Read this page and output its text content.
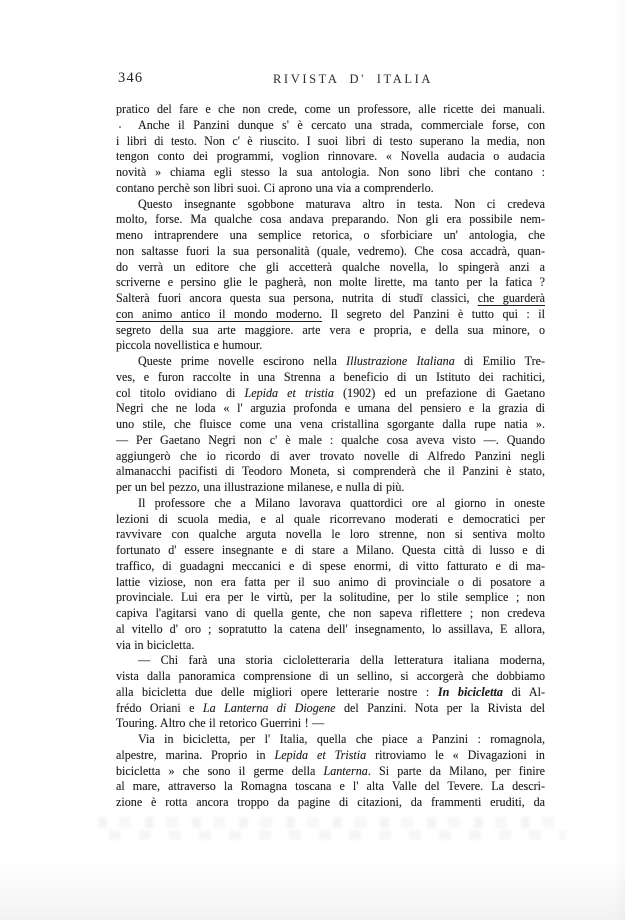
346	RIVISTA D' ITALIA
pratico del fare e che non crede, come un professore, alle ricette dei manuali.
Anche il Panzini dunque s' è cercato una strada, commerciale forse, con
i libri di testo. Non c' è riuscito. I suoi libri di testo superano la media, non
tengon conto dei programmi, voglion rinnovare. « Novella audacia o audacia
novità » chiama egli stesso la sua antologia. Non sono libri che contano :
contano perchè son libri suoi. Ci aprono una via a comprenderlo.
Questo insegnante sgobbone maturava altro in testa. Non ci credeva
molto, forse. Ma qualche cosa andava preparando. Non gli era possibile nem-
meno intraprendere una semplice retorica, o sforbiciare un' antologia, che
non saltasse fuori la sua personalità (quale, vedremo). Che cosa accadrà, quan-
do verrà un editore che gli accetterà qualche novella, lo spingerà anzi a
scriverne e persino glie le pagherà, non molte lirette, ma tanto per la fatica ?
Salterà fuori ancora questa sua persona, nutrita di studī classici, che guarderà
con animo antico il mondo moderno. Il segreto del Panzini è tutto qui : il
segreto della sua arte maggiore. arte vera e propria, e della sua minore, o
piccola novellistica e humour.
Queste prime novelle escirono nella Illustrazione Italiana di Emilio Tre-
ves, e furon raccolte in una Strenna a beneficio di un Istituto dei rachitici,
col titolo ovidiano di Lepida et tristia (1902) ed un prefazione di Gaetano
Negri che ne loda « l' arguzia profonda e umana del pensiero e la grazia di
uno stile, che fluisce come una vena cristallina sgorgante dalla rupe natia ».
— Per Gaetano Negri non c' è male : qualche cosa aveva visto —. Quando
aggiungerò che io ricordo di aver trovato novelle di Alfredo Panzini negli
almanacchi pacifisti di Teodoro Moneta, si comprenderà che il Panzini è stato,
per un bel pezzo, una illustrazione milanese, e nulla di più.
Il professore che a Milano lavorava quattordici ore al giorno in oneste
lezioni di scuola media, e al quale ricorrevano moderati e democratici per
ravvivare con qualche arguta novella le loro strenne, non si sentiva molto
fortunato d' essere insegnante e di stare a Milano. Questa città di lusso e di
traffico, di guadagni meccanici e di spese enormi, di vitto fatturato e di ma-
lattie viziose, non era fatta per il suo animo di provinciale o di posatore a
provinciale. Lui era per le virtù, per la solitudine, per lo stile semplice ; non
capiva l'agitarsi vano di quella gente, che non sapeva riflettere ; non credeva
al vitello d' oro ; sopratutto la catena dell' insegnamento, lo assillava, E allora,
via in bicicletta.
— Chi farà una storia cicloletteraria della letteratura italiana moderna,
vista dalla panoramica comprensione di un sellino, si accorgerà che dobbiamo
alla bicicletta due delle migliori opere letterarie nostre : In bicicletta di Al-
frédo Oriani e La Lanterna di Diogene del Panzini. Nota per la Rivista del
Touring. Altro che il retorico Guerrini ! —
Via in bicicletta, per l' Italia, quella che piace a Panzini : romagnola,
alpestre, marina. Proprio in Lepida et Tristia ritroviamo le « Divagazioni in
bicicletta » che sono il germe della Lanterna. Si parte da Milano, per finire
al mare, attraverso la Romagna toscana e l' alta Valle del Tevere. La descri-
zione è rotta ancora troppo da pagine di citazioni, da frammenti eruditi, da
